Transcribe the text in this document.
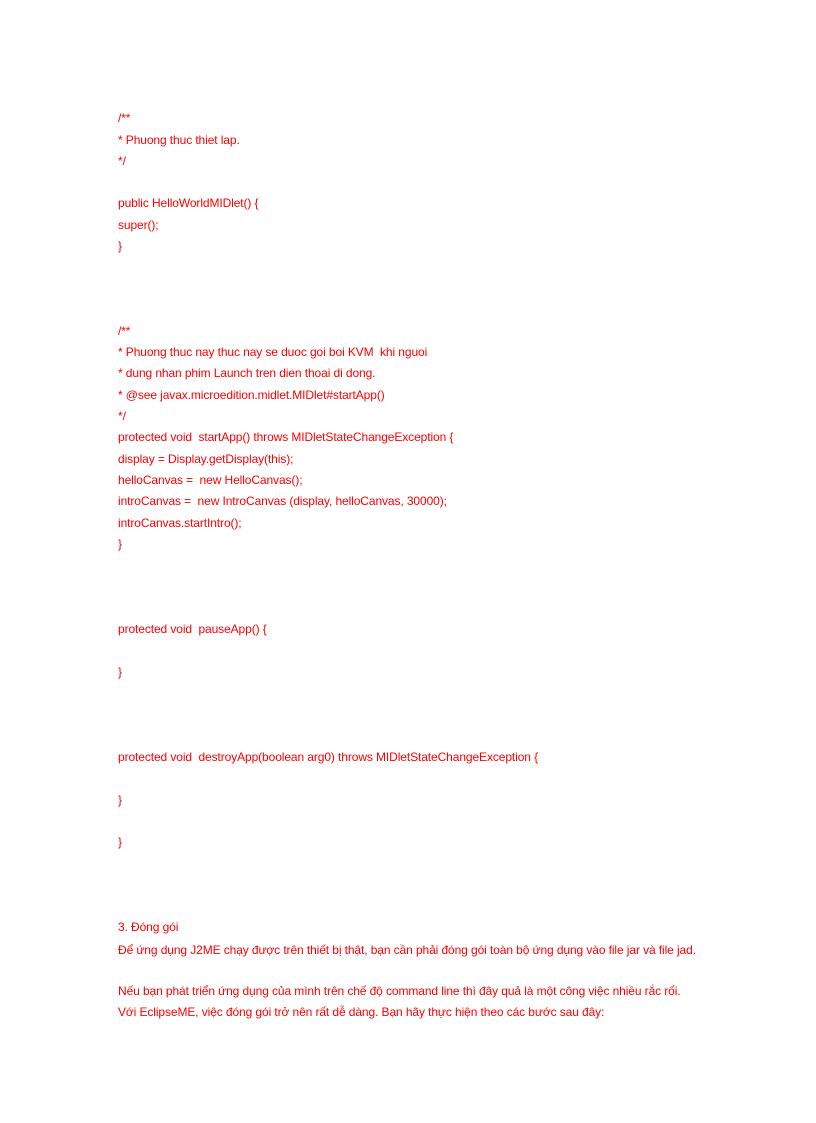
/**
* Phuong thuc thiet lap.
*/
public HelloWorldMIDlet() {
super();
}
/**
* Phuong thuc nay thuc nay se duoc goi boi KVM  khi nguoi
* dung nhan phim Launch tren dien thoai di dong.
* @see javax.microedition.midlet.MIDlet#startApp()
*/
protected void  startApp() throws MIDletStateChangeException {
display = Display.getDisplay(this);
helloCanvas =  new HelloCanvas();
introCanvas =  new IntroCanvas (display, helloCanvas, 30000);
introCanvas.startIntro();
}
protected void  pauseApp() {
}
protected void  destroyApp(boolean arg0) throws MIDletStateChangeException {
}
}
3. Đóng gói
Để ứng dụng J2ME chạy được trên thiết bị thật, bạn cần phải đóng gói toàn bộ ứng dụng vào file jar và file jad.
Nếu bạn phát triển ứng dụng của mình trên chế độ command line thì đây quả là một công việc nhiều rắc rối.
Với EclipseME, việc đóng gói trở nên rất dễ dàng. Bạn hãy thực hiện theo các bước sau đây:
